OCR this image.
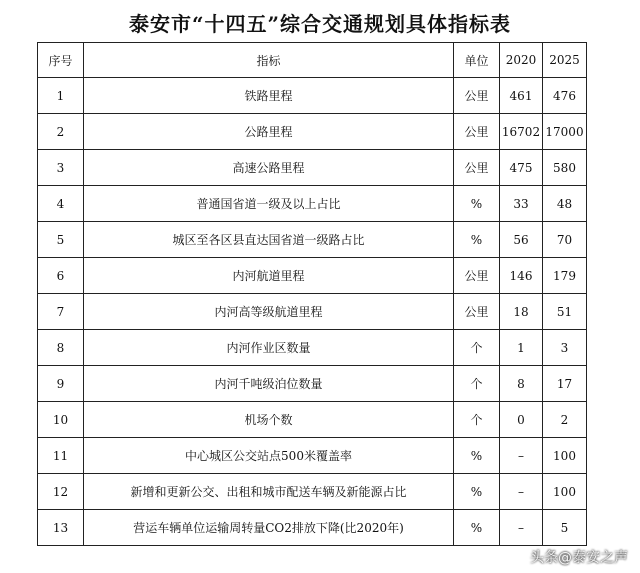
泰安市“十四五”综合交通规划具体指标表
序号	指标	单位	2020	2025
1	铁路里程	公里	461	476
2	公路里程	公里	16702	17000
3	高速公路里程	公里	475	580
4	普通国省道一级及以上占比	%	33	48
5	城区至各区县直达国省道一级路占比	%	56	70
6	内河航道里程	公里	146	179
7	内河高等级航道里程	公里	18	51
8	内河作业区数量	个	1	3
9	内河千吨级泊位数量	个	8	17
10	机场个数	个	0	2
11	中心城区公交站点500米覆盖率	%	–	100
12	新增和更新公交、出租和城市配送车辆及新能源占比	%	–	100
13	营运车辆单位运输周转量CO2排放下降(比2020年)	%	–	5
头条@泰安之声
